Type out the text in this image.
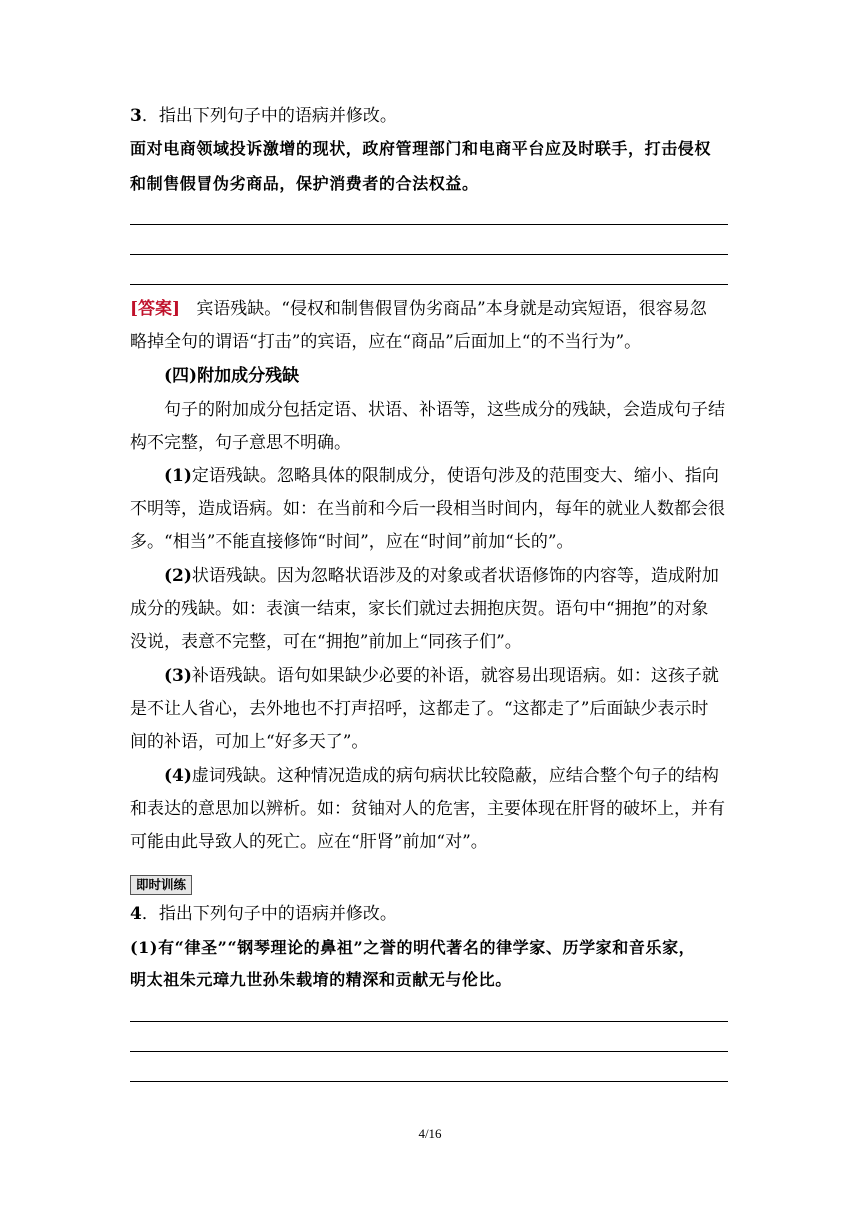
3．指出下列句子中的语病并修改。
面对电商领域投诉激增的现状，政府管理部门和电商平台应及时联手，打击侵权
和制售假冒伪劣商品，保护消费者的合法权益。
[答案] 宾语残缺。“侵权和制售假冒伪劣商品”本身就是动宾短语，很容易忽
略掉全句的谓语“打击”的宾语，应在“商品”后面加上“的不当行为”。
(四)附加成分残缺
句子的附加成分包括定语、状语、补语等，这些成分的残缺，会造成句子结
构不完整，句子意思不明确。
(1)定语残缺。忽略具体的限制成分，使语句涉及的范围变大、缩小、指向
不明等，造成语病。如：在当前和今后一段相当时间内，每年的就业人数都会很
多。“相当”不能直接修饰“时间”，应在“时间”前加“长的”。
(2)状语残缺。因为忽略状语涉及的对象或者状语修饰的内容等，造成附加
成分的残缺。如：表演一结束，家长们就过去拥抱庆贺。语句中“拥抱”的对象
没说，表意不完整，可在“拥抱”前加上“同孩子们”。
(3)补语残缺。语句如果缺少必要的补语，就容易出现语病。如：这孩子就
是不让人省心，去外地也不打声招呼，这都走了。“这都走了”后面缺少表示时
间的补语，可加上“好多天了”。
(4)虚词残缺。这种情况造成的病句病状比较隐蔽，应结合整个句子的结构
和表达的意思加以辨析。如：贫铀对人的危害，主要体现在肝肾的破坏上，并有
可能由此导致人的死亡。应在“肝肾”前加“对”。
即时训练
4．指出下列句子中的语病并修改。
(1)有“律圣”“钢琴理论的鼻祖”之誉的明代著名的律学家、历学家和音乐家，
明太祖朱元璋九世孙朱载堉的精深和贡献无与伦比。
4/16
